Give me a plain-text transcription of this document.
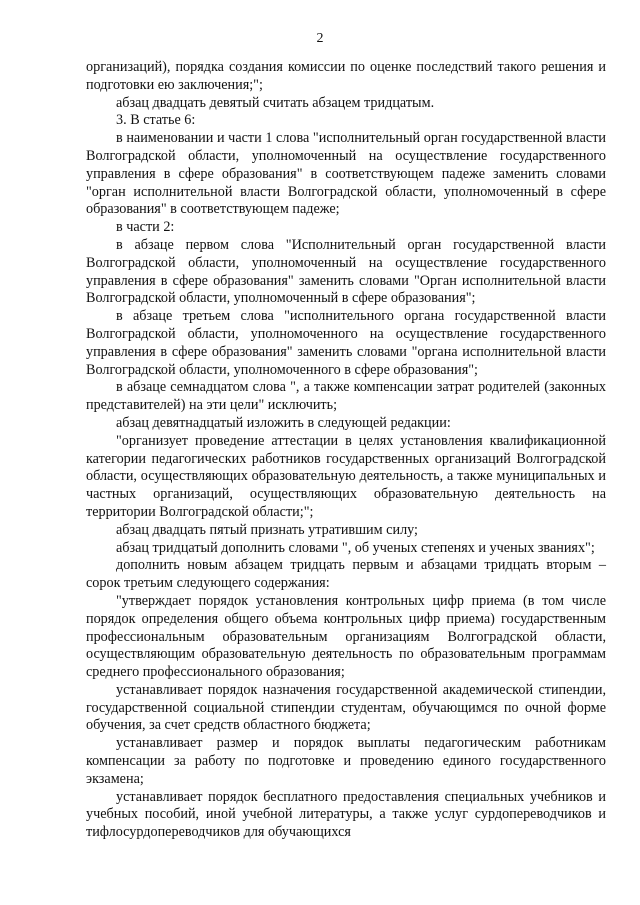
2

организаций), порядка создания комиссии по оценке последствий такого решения и подготовки ею заключения;";

абзац двадцать девятый считать абзацем тридцатым.

3. В статье 6:

в наименовании и части 1 слова "исполнительный орган государственной власти Волгоградской области, уполномоченный на осуществление государственного управления в сфере образования" в соответствующем падеже заменить словами "орган исполнительной власти Волгоградской области, уполномоченный в сфере образования" в соответствующем падеже;

в части 2:

в абзаце первом слова "Исполнительный орган государственной власти Волгоградской области, уполномоченный на осуществление государственного управления в сфере образования" заменить словами "Орган исполнительной власти Волгоградской области, уполномоченный в сфере образования";

в абзаце третьем слова "исполнительного органа государственной власти Волгоградской области, уполномоченного на осуществление государственного управления в сфере образования" заменить словами "органа исполнительной власти Волгоградской области, уполномоченного в сфере образования";

в абзаце семнадцатом слова ", а также компенсации затрат родителей (законных представителей) на эти цели" исключить;

абзац девятнадцатый изложить в следующей редакции:

"организует проведение аттестации в целях установления квалификационной категории педагогических работников государственных организаций Волгоградской области, осуществляющих образовательную деятельность, а также муниципальных и частных организаций, осуществляющих образовательную деятельность на территории Волгоградской области;";

абзац двадцать пятый признать утратившим силу;

абзац тридцатый дополнить словами ", об ученых степенях и ученых званиях";

дополнить новым абзацем тридцать первым и абзацами тридцать вторым – сорок третьим следующего содержания:

"утверждает порядок установления контрольных цифр приема (в том числе порядок определения общего объема контрольных цифр приема) государственным профессиональным образовательным организациям Волгоградской области, осуществляющим образовательную деятельность по образовательным программам среднего профессионального образования;

устанавливает порядок назначения государственной академической стипендии, государственной социальной стипендии студентам, обучающимся по очной форме обучения, за счет средств областного бюджета;

устанавливает размер и порядок выплаты педагогическим работникам компенсации за работу по подготовке и проведению единого государственного экзамена;

устанавливает порядок бесплатного предоставления специальных учебников и учебных пособий, иной учебной литературы, а также услуг сурдопереводчиков и тифлосурдопереводчиков для обучающихся
